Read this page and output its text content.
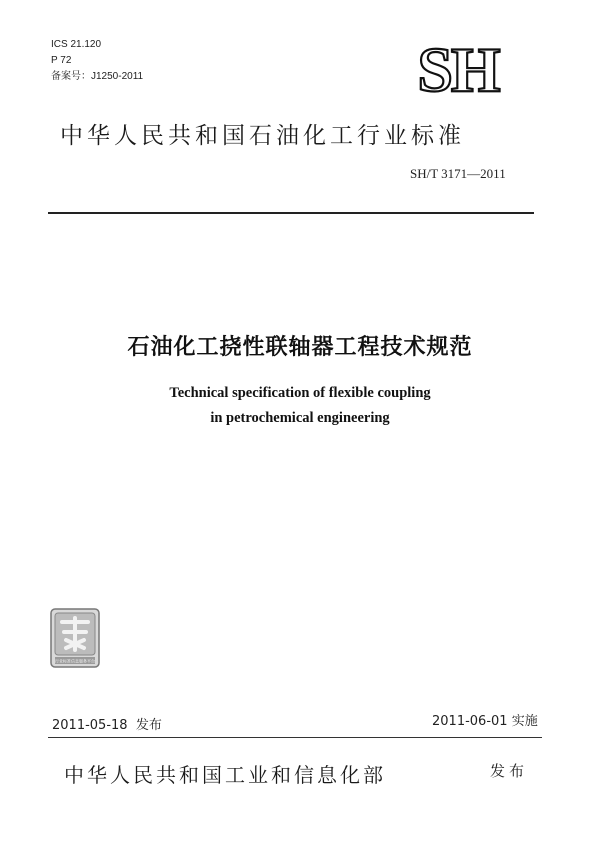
ICS 21.120
P 72
备案号：J1250-2011	SH
中华人民共和国石油化工行业标准
SH/T 3171—2011
石油化工挠性联轴器工程技术规范
Technical specification of flexible coupling
in petrochemical engineering
行业标准信息服务平台
2011-05-18 发布	2011-06-01 实施
中华人民共和国工业和信息化部	发布
